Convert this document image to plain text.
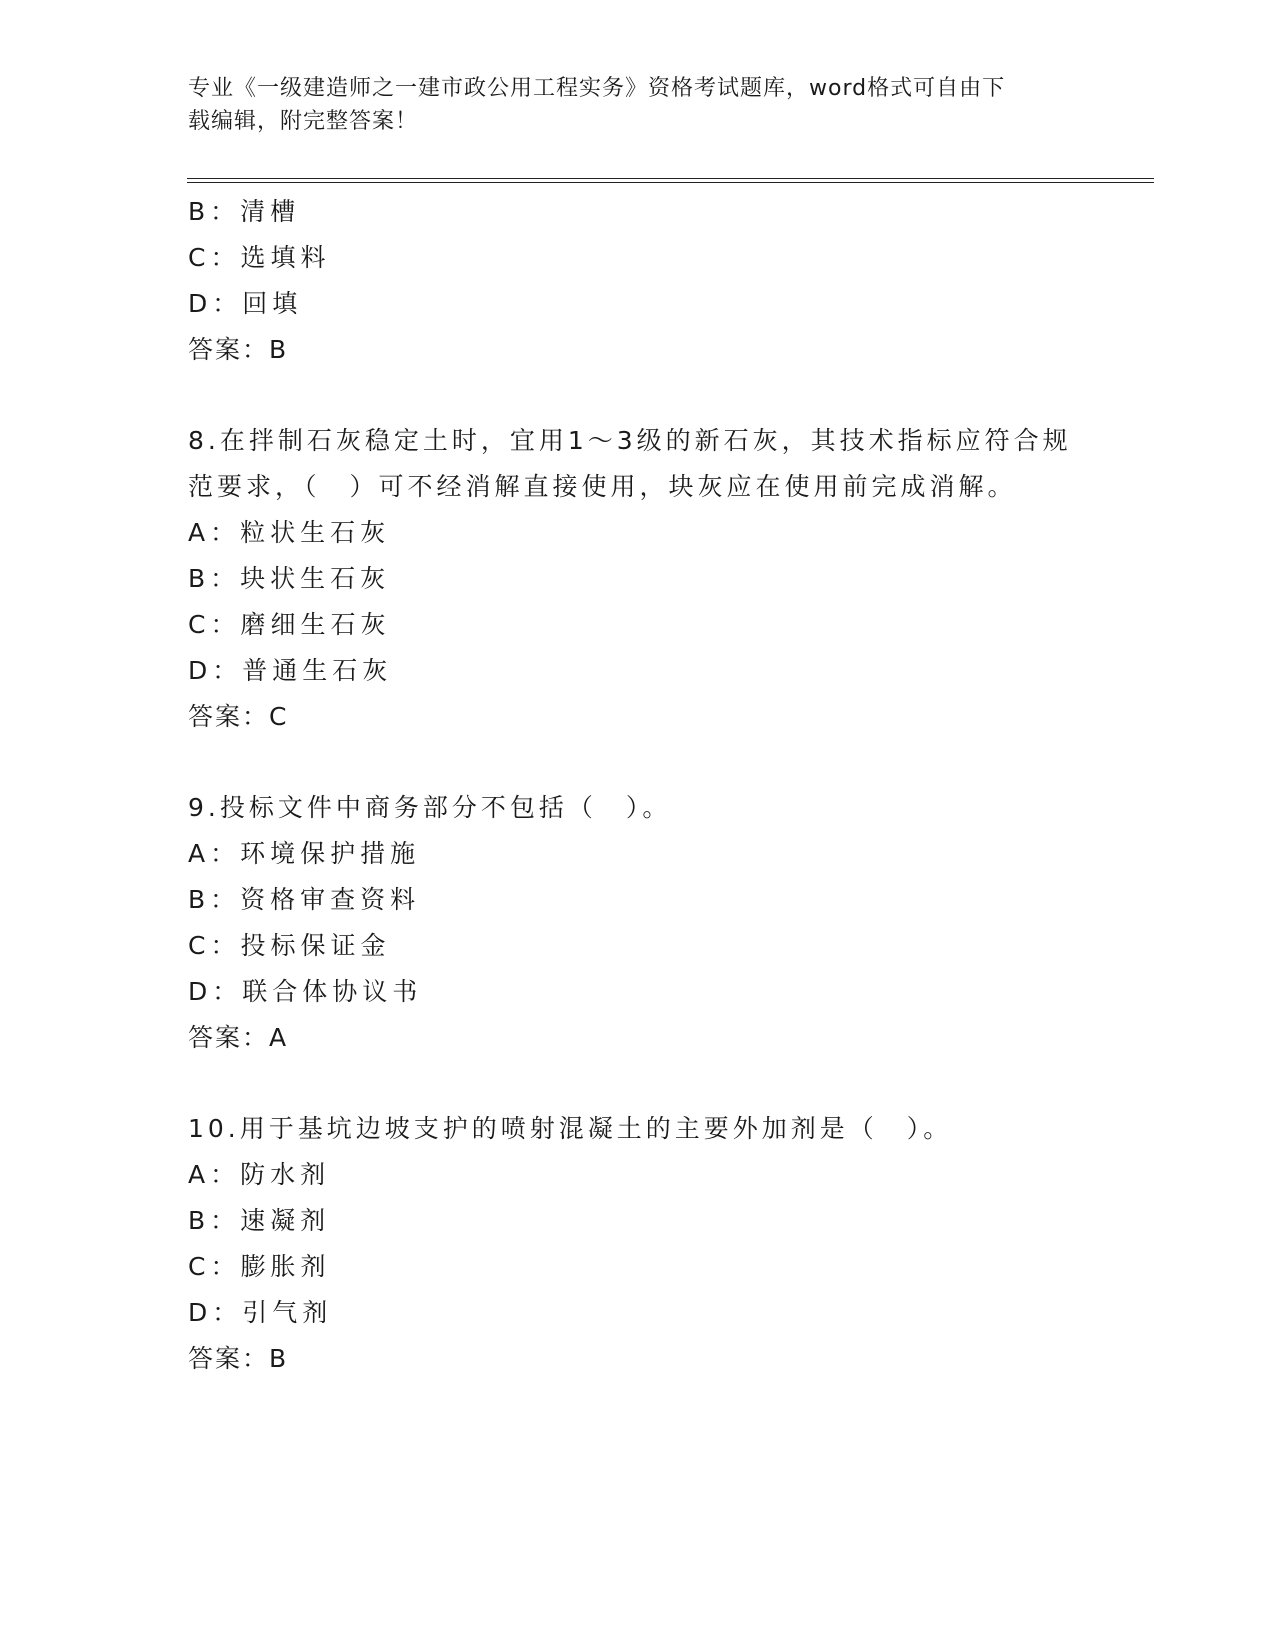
专业《一级建造师之一建市政公用工程实务》资格考试题库，word格式可自由下
载编辑，附完整答案！
B：清槽
C：选填料
D：回填
答案：B
8.在拌制石灰稳定土时，宜用1～3级的新石灰，其技术指标应符合规
范要求，（　）可不经消解直接使用，块灰应在使用前完成消解。
A：粒状生石灰
B：块状生石灰
C：磨细生石灰
D：普通生石灰
答案：C
9.投标文件中商务部分不包括（　）。
A：环境保护措施
B：资格审查资料
C：投标保证金
D：联合体协议书
答案：A
10.用于基坑边坡支护的喷射混凝土的主要外加剂是（　）。
A：防水剂
B：速凝剂
C：膨胀剂
D：引气剂
答案：B
